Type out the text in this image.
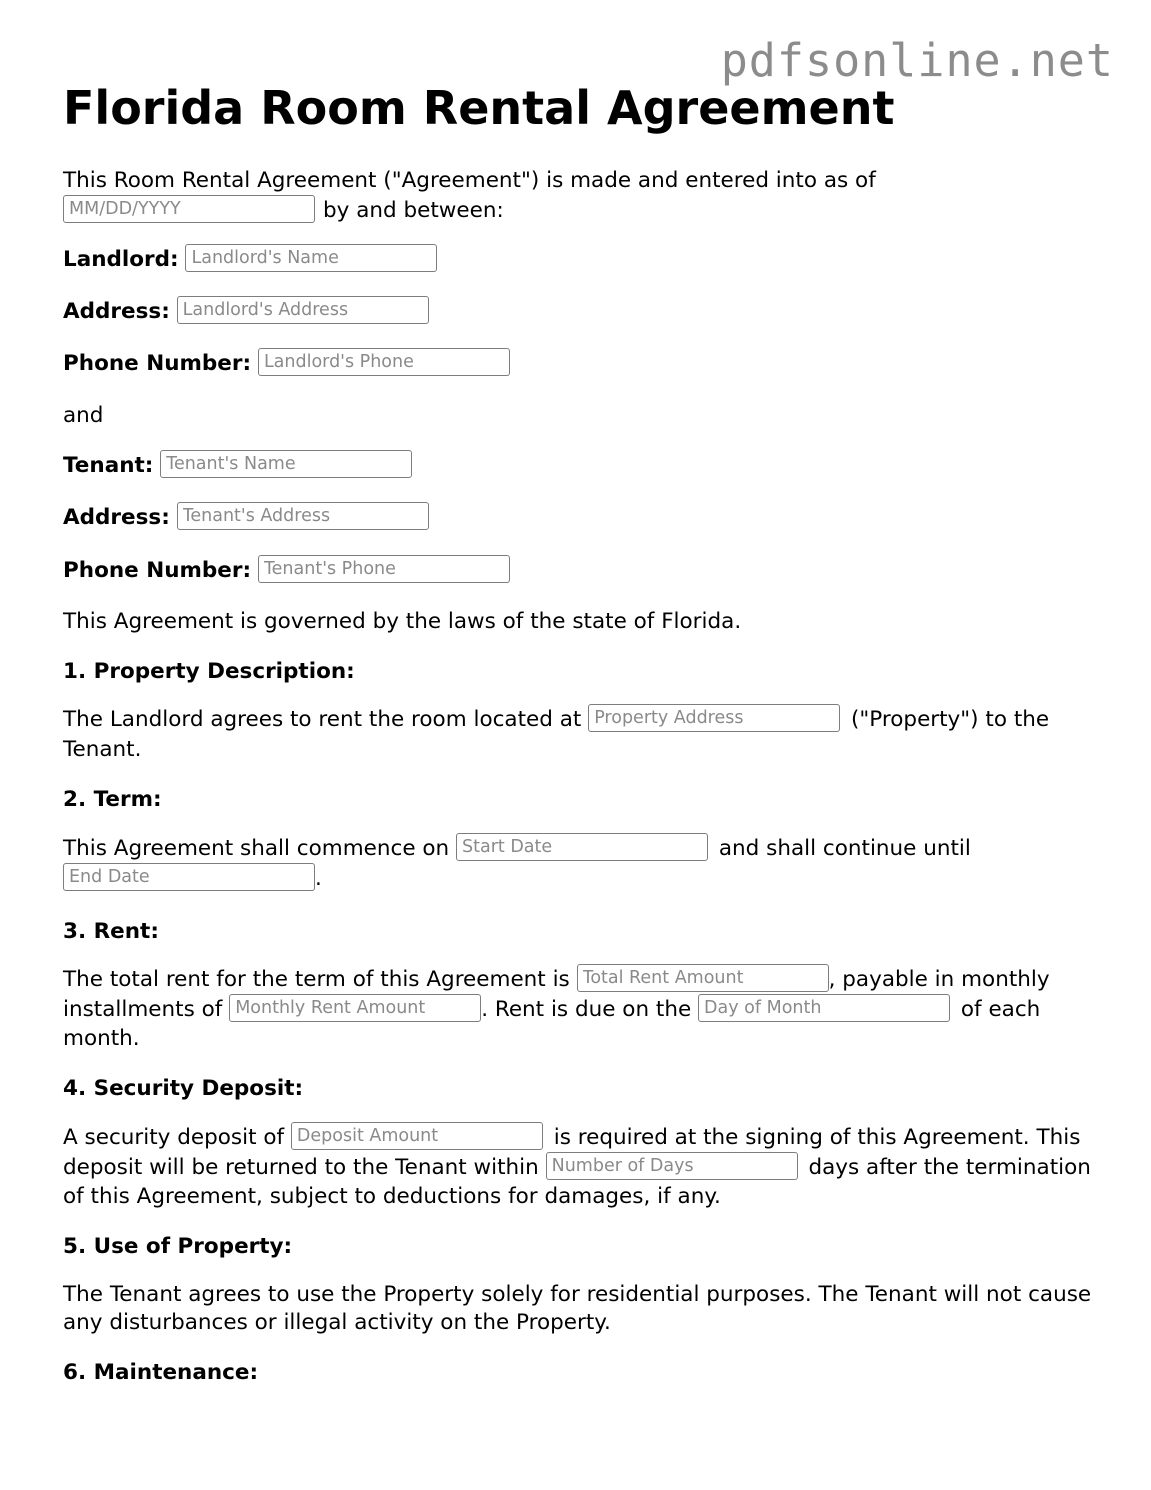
pdfsonline.net
Florida Room Rental Agreement

This Room Rental Agreement ("Agreement") is made and entered into as of
MM/DD/YYYYby and between:

Landlord: Landlord's Name

Address: Landlord's Address

Phone Number: Landlord's Phone

and

Tenant: Tenant's Name

Address: Tenant's Address

Phone Number: Tenant's Phone

This Agreement is governed by the laws of the state of Florida.

1. Property Description:

The Landlord agrees to rent the room located at Property Address	("Property") to the Tenant.

2. Term:

This Agreement shall commence on Start Date	and shall continue until
End Date.

3. Rent:

The total rent for the term of this Agreement is Total Rent Amount	, payable in monthly installments of Monthly Rent Amount	. Rent is due on the Day of Month	of each month.

4. Security Deposit:

A security deposit of Deposit Amount	is required at the signing of this Agreement. This deposit will be returned to the Tenant within Number of Days	days after the termination of this Agreement, subject to deductions for damages, if any.

5. Use of Property:

The Tenant agrees to use the Property solely for residential purposes. The Tenant will not cause any disturbances or illegal activity on the Property.

6. Maintenance:
